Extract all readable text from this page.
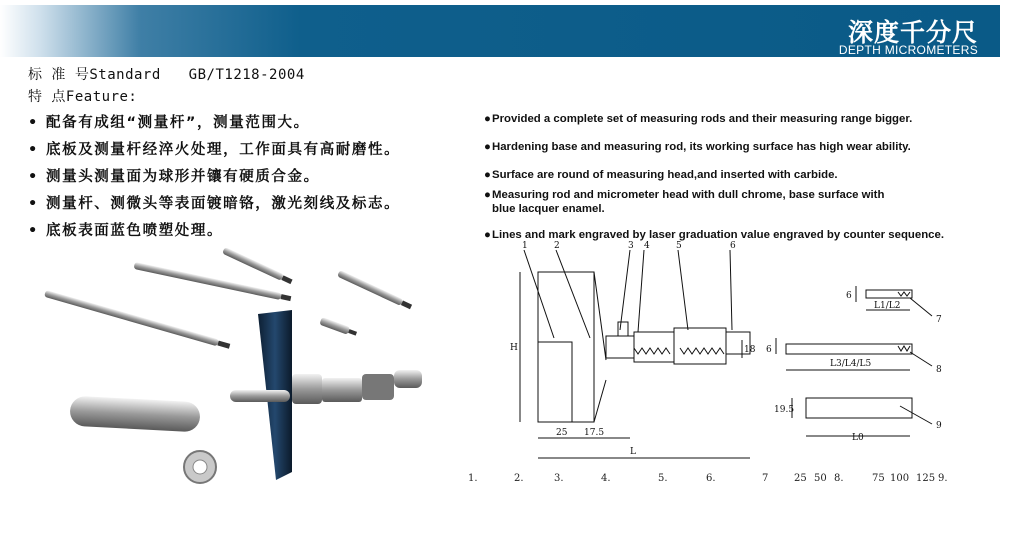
深度千分尺
DEPTH MICROMETERS
标 准 号Standard GB/T1218-2004
特 点Feature:
• 配备有成组“测量杆”，测量范围大。
• 底板及测量杆经淬火处理，工作面具有高耐磨性。
• 测量头测量面为球形并镶有硬质合金。
• 测量杆、测微头等表面镀暗铬，激光刻线及标志。
• 底板表面蓝色喷塑处理。
●Provided a complete set of measuring rods and their measuring range bigger.
●Hardening base and measuring rod, its working surface has high wear ability.
●Surface are round of measuring head,and inserted with carbide.
●Measuring rod and micrometer head with dull chrome, base surface with
blue lacquer enamel.
●Lines and mark engraved by laser graduation value engraved by counter sequence.
1	2	3 4	5	6
7
8
9
H
25 17.5
L
18
6
L1/L2
6
L3/L4/L5
19.5
L0
1.	2.	3.	4.	5.	6.	7	25 50 8.	75 100 125 9.
